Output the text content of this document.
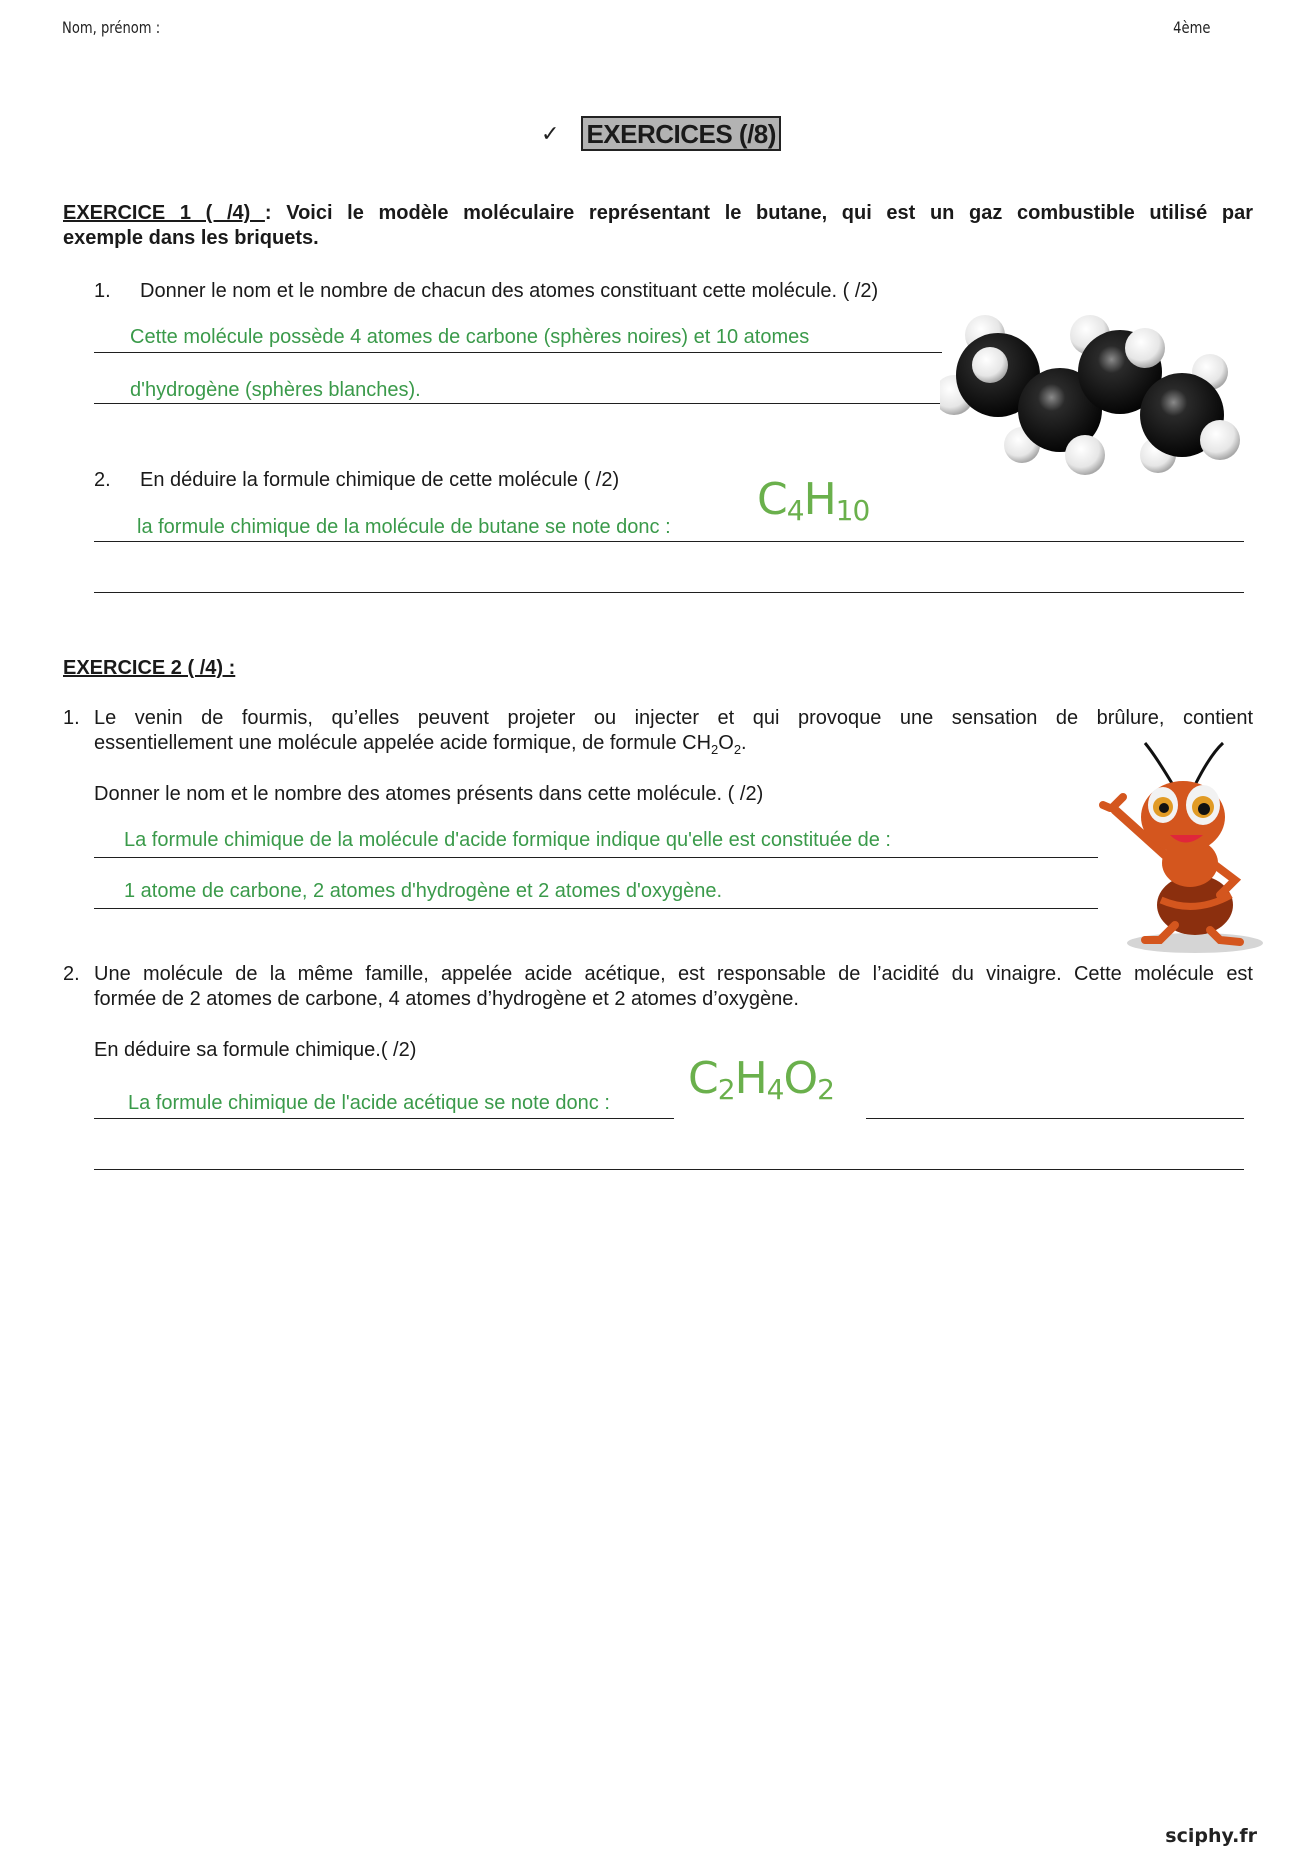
Nom, prénom :	4ème
✓ EXERCICES (/8)
EXERCICE 1 ( /4) : Voici le modèle moléculaire représentant le butane, qui est un gaz combustible utilisé par
exemple dans les briquets.
1. Donner le nom et le nombre de chacun des atomes constituant cette molécule. ( /2)
Cette molécule possède 4 atomes de carbone (sphères noires) et 10 atomes
d'hydrogène (sphères blanches).
2. En déduire la formule chimique de cette molécule ( /2)	$C_4H_{10}$
la formule chimique de la molécule de butane se note donc :
EXERCICE 2 ( /4) :
1. Le venin de fourmis, qu’elles peuvent projeter ou injecter et qui provoque une sensation de brûlure, contient
essentiellement une molécule appelée acide formique, de formule $CH_2O_2$.
Donner le nom et le nombre des atomes présents dans cette molécule. ( /2)
La formule chimique de la molécule d'acide formique indique qu'elle est constituée de :
1 atome de carbone, 2 atomes d'hydrogène et 2 atomes d'oxygène.
2. Une molécule de la même famille, appelée acide acétique, est responsable de l’acidité du vinaigre. Cette molécule est
formée de 2 atomes de carbone, 4 atomes d’hydrogène et 2 atomes d’oxygène.
En déduire sa formule chimique.( /2)
$C_2H_4O_2$
La formule chimique de l'acide acétique se note donc :
sciphy.fr
